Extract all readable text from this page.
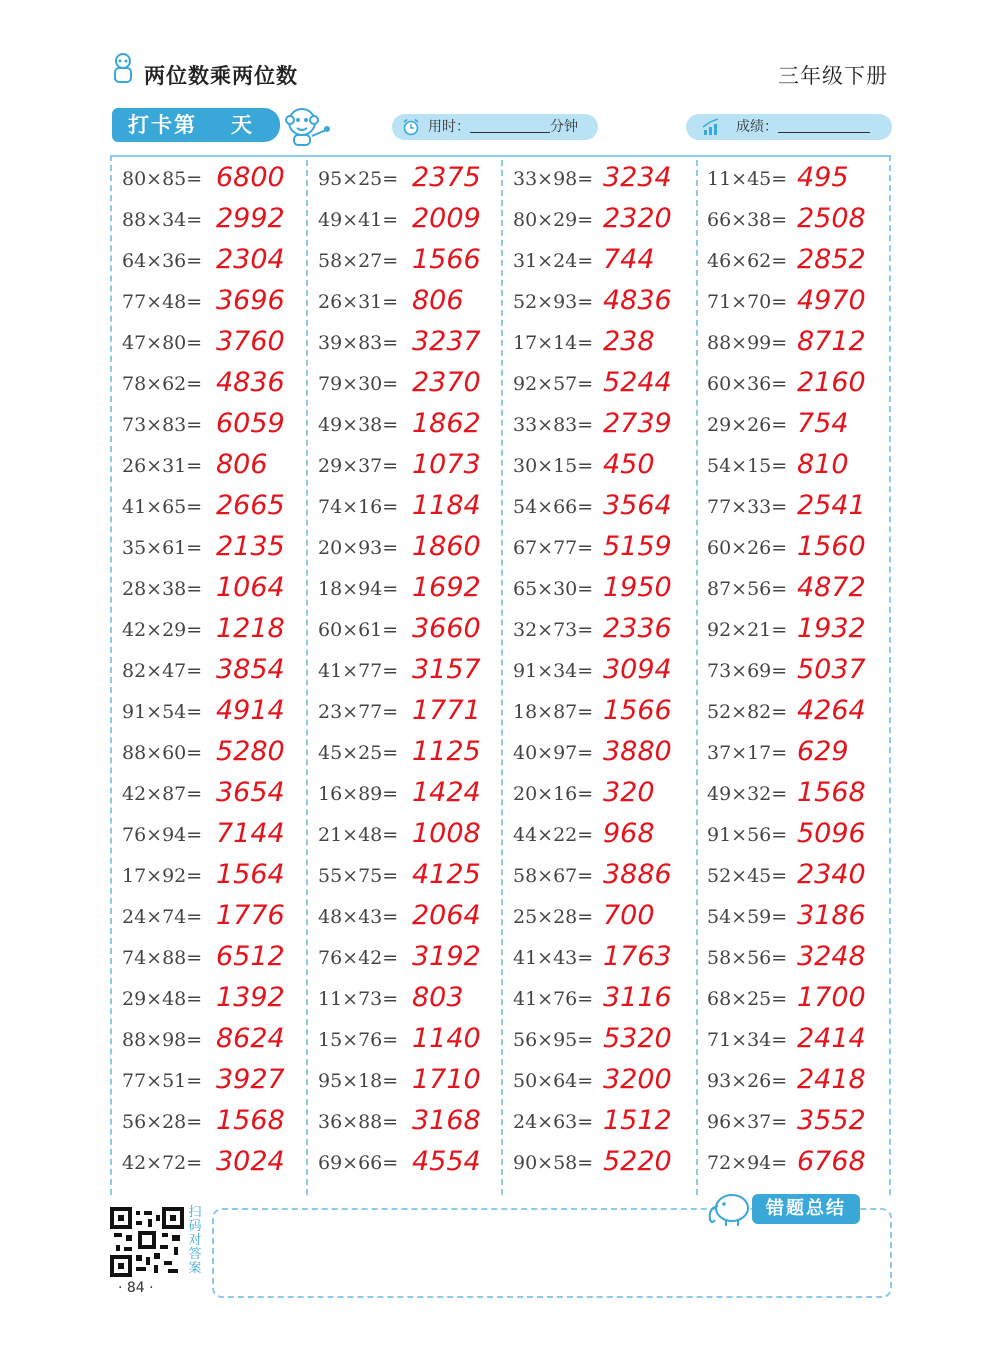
两位数乘两位数	三年级下册
打卡第 天	用时：	分钟	成绩：
80×85= 6800
88×34= 2992
64×36= 2304
77×48= 3696
47×80= 3760
78×62= 4836
73×83= 6059
26×31= 806
41×65= 2665
35×61= 2135
28×38= 1064
42×29= 1218
82×47= 3854
91×54= 4914
88×60= 5280
42×87= 3654
76×94= 7144
17×92= 1564
24×74= 1776
74×88= 6512
29×48= 1392
88×98= 8624
77×51= 3927
56×28= 1568
42×72= 3024
95×25= 2375
49×41= 2009
58×27= 1566
26×31= 806
39×83= 3237
79×30= 2370
49×38= 1862
29×37= 1073
74×16= 1184
20×93= 1860
18×94= 1692
60×61= 3660
41×77= 3157
23×77= 1771
45×25= 1125
16×89= 1424
21×48= 1008
55×75= 4125
48×43= 2064
76×42= 3192
11×73= 803
15×76= 1140
95×18= 1710
36×88= 3168
69×66= 4554
33×98= 3234
80×29= 2320
31×24= 744
52×93= 4836
17×14= 238
92×57= 5244
33×83= 2739
30×15= 450
54×66= 3564
67×77= 5159
65×30= 1950
32×73= 2336
91×34= 3094
18×87= 1566
40×97= 3880
20×16= 320
44×22= 968
58×67= 3886
25×28= 700
41×43= 1763
41×76= 3116
56×95= 5320
50×64= 3200
24×63= 1512
90×58= 5220
11×45= 495
66×38= 2508
46×62= 2852
71×70= 4970
88×99= 8712
60×36= 2160
29×26= 754
54×15= 810
77×33= 2541
60×26= 1560
87×56= 4872
92×21= 1932
73×69= 5037
52×82= 4264
37×17= 629
49×32= 1568
91×56= 5096
52×45= 2340
54×59= 3186
58×56= 3248
68×25= 1700
71×34= 2414
93×26= 2418
96×37= 3552
72×94= 6768
错题总结
扫码对答案
· 84 ·
